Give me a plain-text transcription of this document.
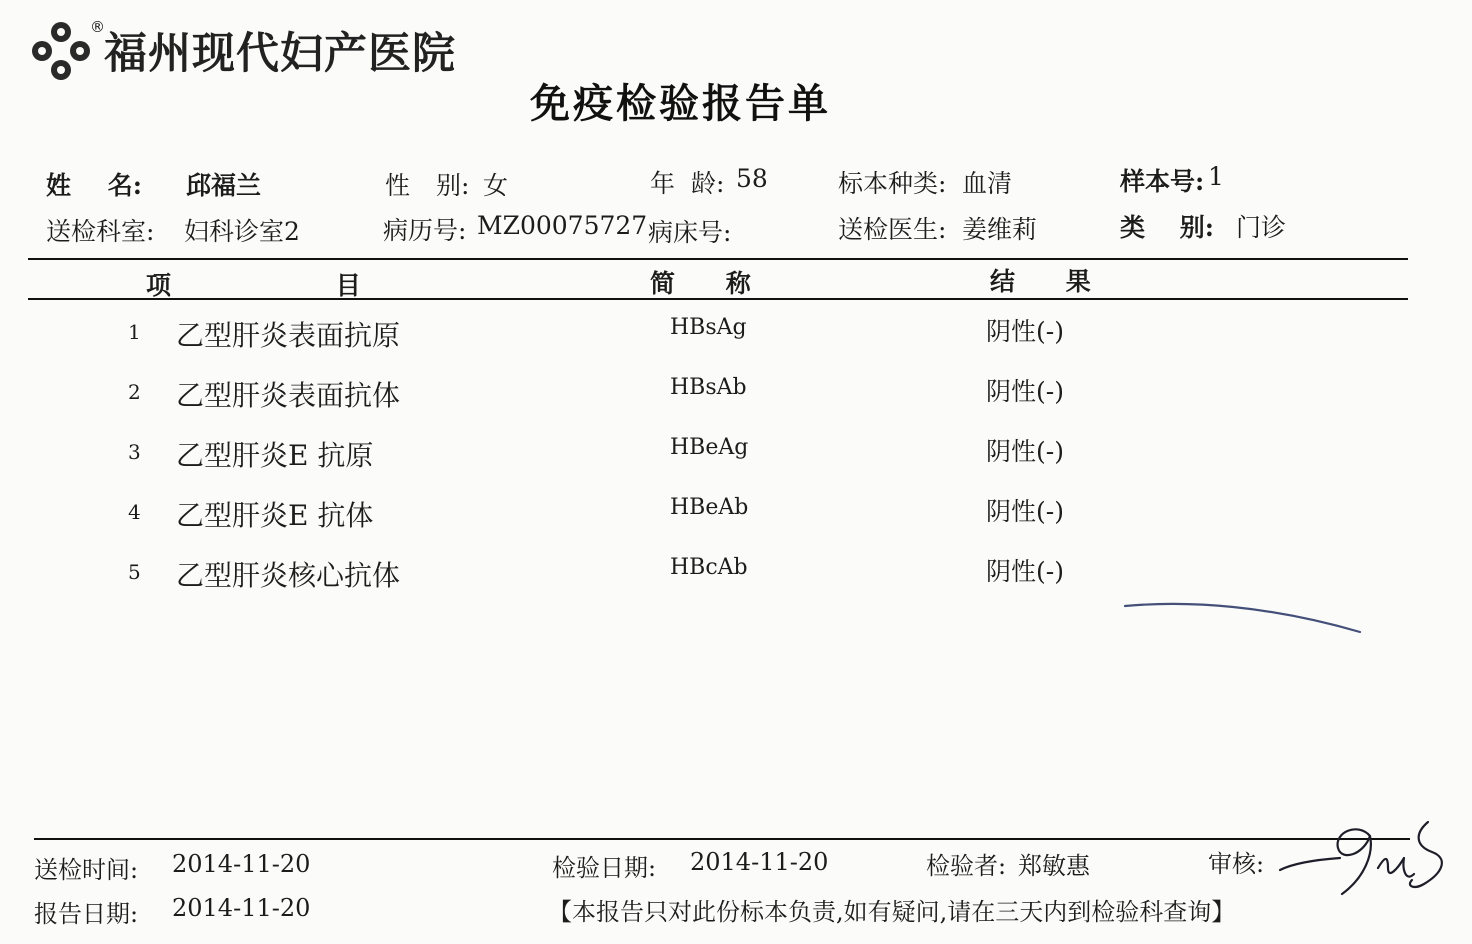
®
福州现代妇产医院
免疫检验报告单
姓 名: 邱福兰	性 别: 女	年 龄: 58	标本种类: 血清	样本号: 1
送检科室: 妇科诊室2	病历号: MZ00075727 病床号:	送检医生: 姜维莉	类 别: 门诊
项 目	简 称	结 果
1 乙型肝炎表面抗原	HBsAg	阴性(-)
2 乙型肝炎表面抗体	HBsAb	阴性(-)
3 乙型肝炎E 抗原	HBeAg	阴性(-)
4 乙型肝炎E 抗体	HBeAb	阴性(-)
5 乙型肝炎核心抗体	HBcAb	阴性(-)
送检时间: 2014-11-20	检验日期: 2014-11-20	检验者: 郑敏惠	审核:
报告日期: 2014-11-20	【本报告只对此份标本负责,如有疑问,请在三天内到检验科查询】
